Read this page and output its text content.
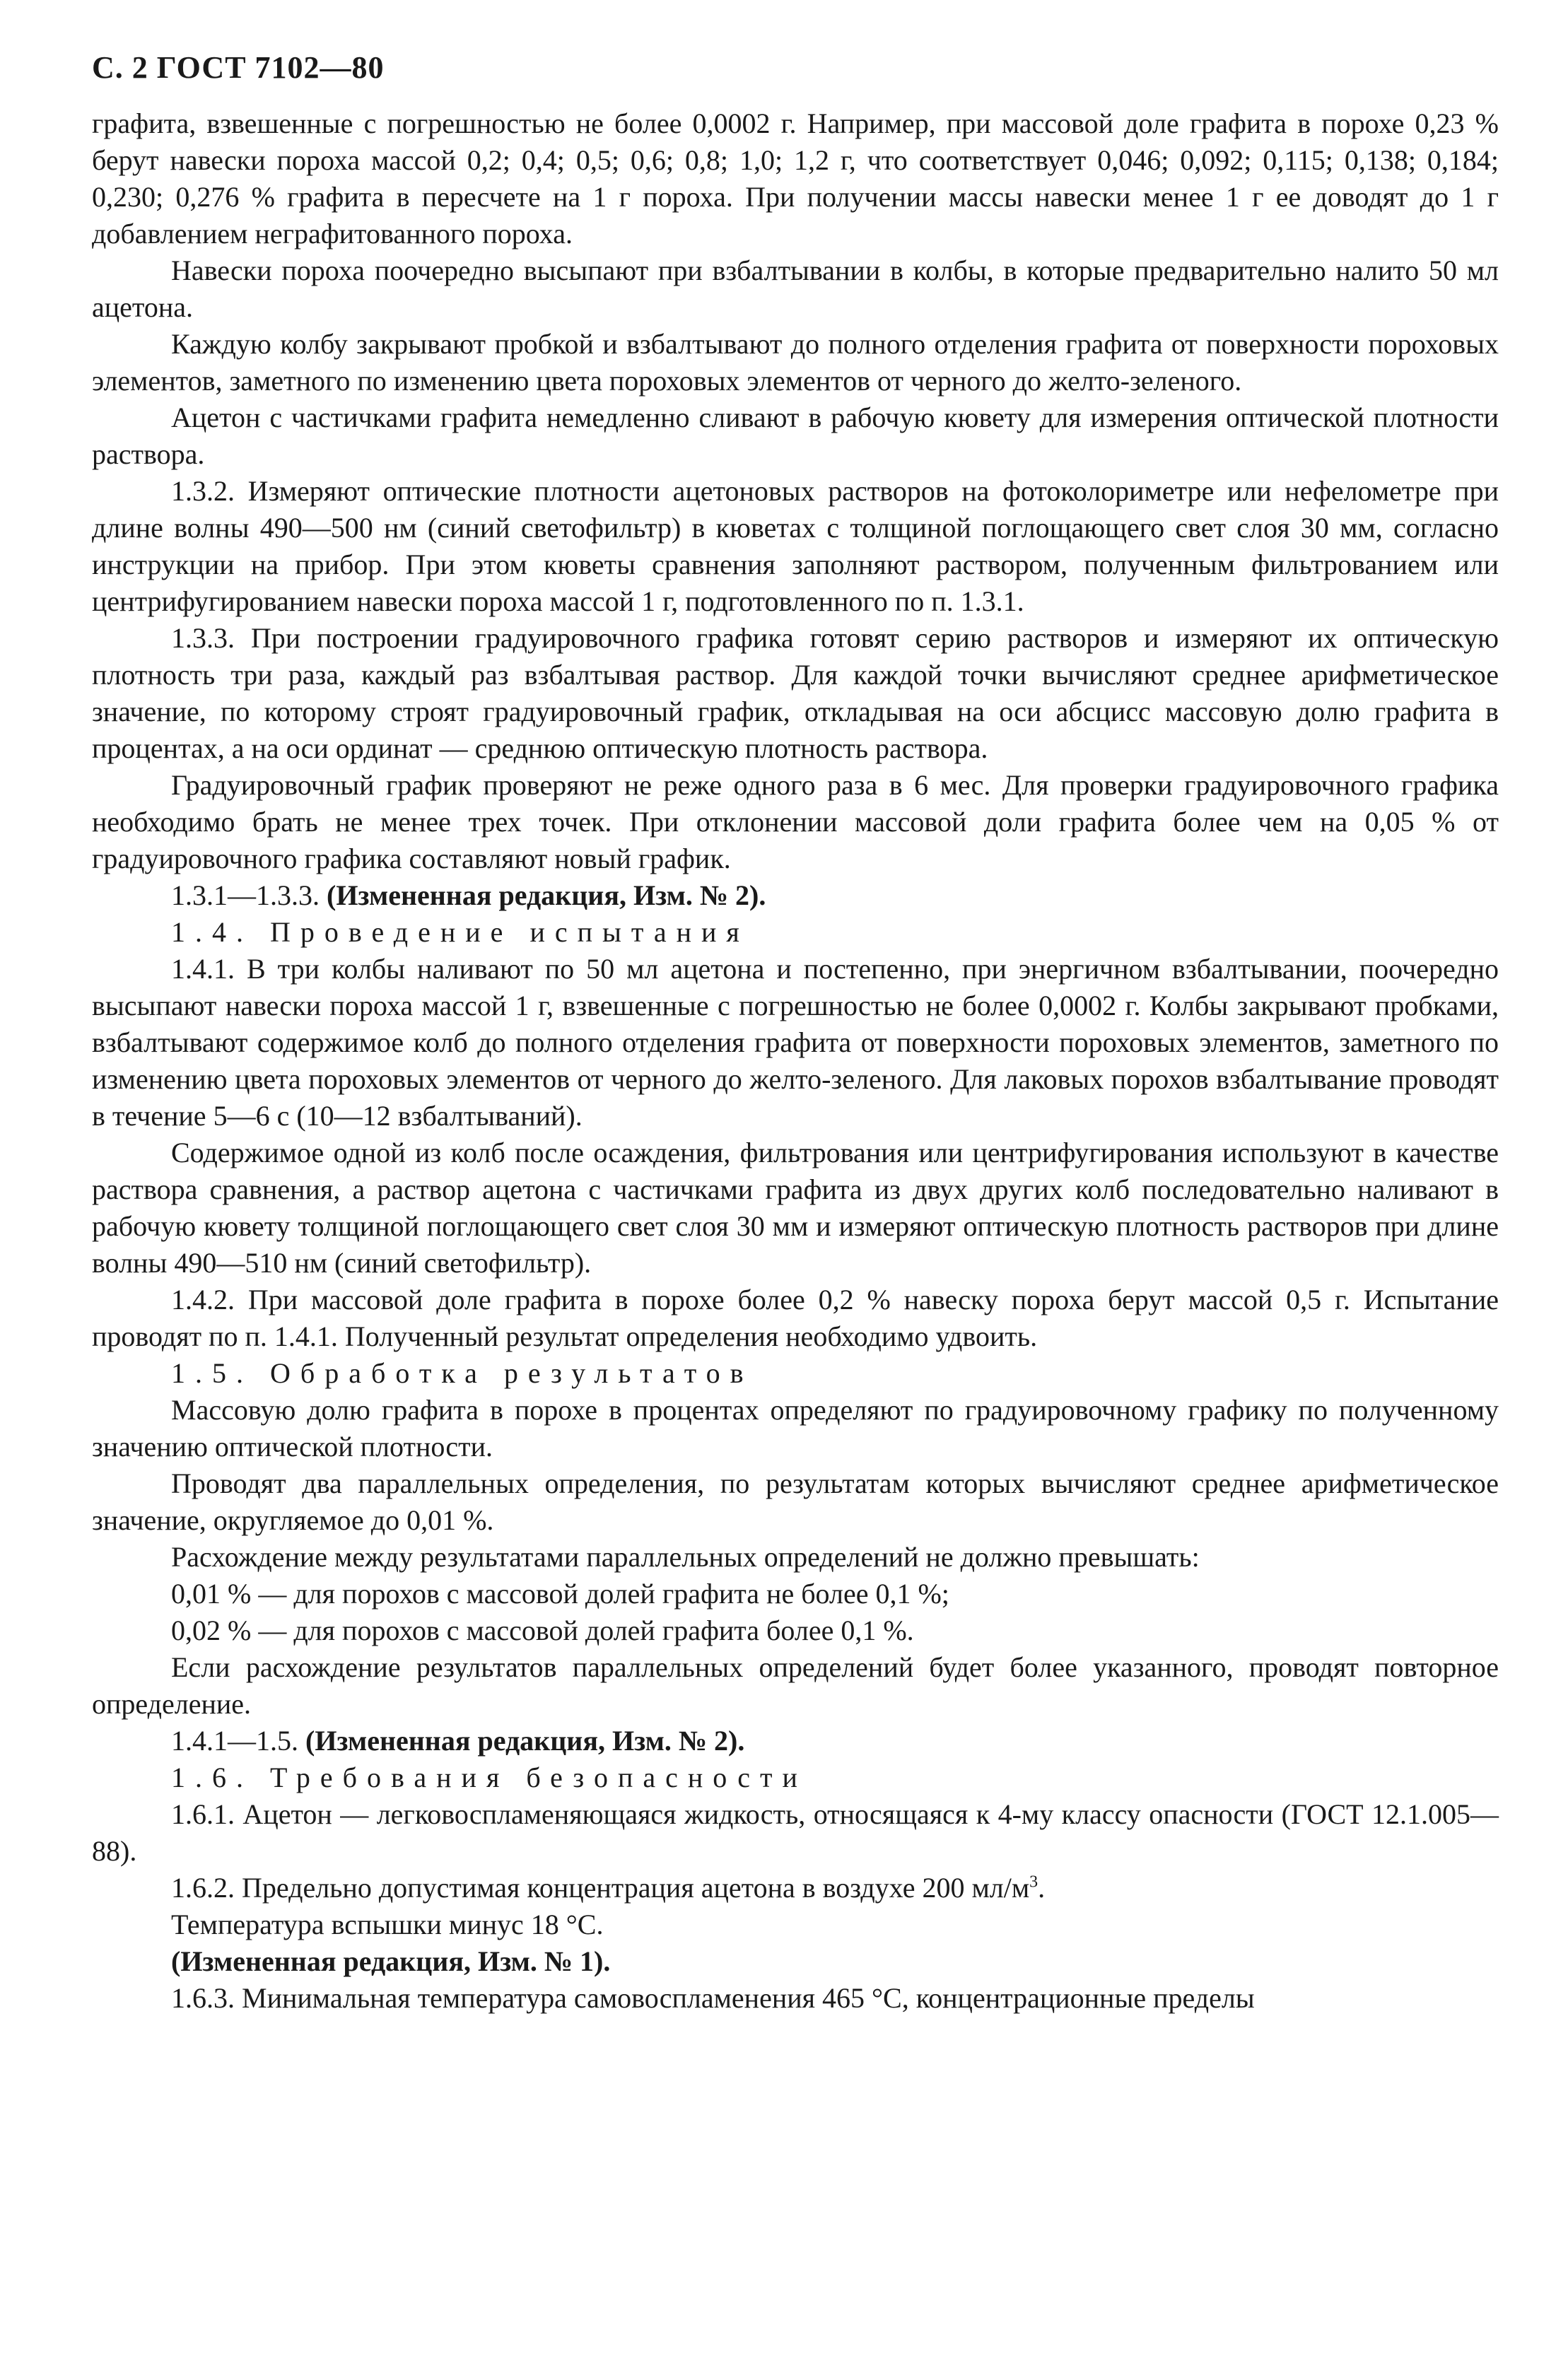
С. 2 ГОСТ 7102—80

графита, взвешенные с погрешностью не более 0,0002 г. Например, при массовой доле графита в порохе 0,23 % берут навески пороха массой 0,2; 0,4; 0,5; 0,6; 0,8; 1,0; 1,2 г, что соответствует 0,046; 0,092; 0,115; 0,138; 0,184; 0,230; 0,276 % графита в пересчете на 1 г пороха. При получении массы навески менее 1 г ее доводят до 1 г добавлением неграфитованного пороха.

Навески пороха поочередно высыпают при взбалтывании в колбы, в которые предварительно налито 50 мл ацетона.

Каждую колбу закрывают пробкой и взбалтывают до полного отделения графита от поверхности пороховых элементов, заметного по изменению цвета пороховых элементов от черного до желто-зеленого.

Ацетон с частичками графита немедленно сливают в рабочую кювету для измерения оптической плотности раствора.

1.3.2. Измеряют оптические плотности ацетоновых растворов на фотоколориметре или нефелометре при длине волны 490—500 нм (синий светофильтр) в кюветах с толщиной поглощающего свет слоя 30 мм, согласно инструкции на прибор. При этом кюветы сравнения заполняют раствором, полученным фильтрованием или центрифугированием навески пороха массой 1 г, подготовленного по п. 1.3.1.

1.3.3. При построении градуировочного графика готовят серию растворов и измеряют их оптическую плотность три раза, каждый раз взбалтывая раствор. Для каждой точки вычисляют среднее арифметическое значение, по которому строят градуировочный график, откладывая на оси абсцисс массовую долю графита в процентах, а на оси ординат — среднюю оптическую плотность раствора.

Градуировочный график проверяют не реже одного раза в 6 мес. Для проверки градуировочного графика необходимо брать не менее трех точек. При отклонении массовой доли графита более чем на 0,05 % от градуировочного графика составляют новый график.

1.3.1—1.3.3. (Измененная редакция, Изм. № 2).

1.4. Проведение испытания

1.4.1. В три колбы наливают по 50 мл ацетона и постепенно, при энергичном взбалтывании, поочередно высыпают навески пороха массой 1 г, взвешенные с погрешностью не более 0,0002 г. Колбы закрывают пробками, взбалтывают содержимое колб до полного отделения графита от поверхности пороховых элементов, заметного по изменению цвета пороховых элементов от черного до желто-зеленого. Для лаковых порохов взбалтывание проводят в течение 5—6 с (10—12 взбалтываний).

Содержимое одной из колб после осаждения, фильтрования или центрифугирования используют в качестве раствора сравнения, а раствор ацетона с частичками графита из двух других колб последовательно наливают в рабочую кювету толщиной поглощающего свет слоя 30 мм и измеряют оптическую плотность растворов при длине волны 490—510 нм (синий светофильтр).

1.4.2. При массовой доле графита в порохе более 0,2 % навеску пороха берут массой 0,5 г. Испытание проводят по п. 1.4.1. Полученный результат определения необходимо удвоить.

1.5. Обработка результатов

Массовую долю графита в порохе в процентах определяют по градуировочному графику по полученному значению оптической плотности.

Проводят два параллельных определения, по результатам которых вычисляют среднее арифметическое значение, округляемое до 0,01 %.

Расхождение между результатами параллельных определений не должно превышать:

0,01 % — для порохов с массовой долей графита не более 0,1 %;

0,02 % — для порохов с массовой долей графита более 0,1 %.

Если расхождение результатов параллельных определений будет более указанного, проводят повторное определение.

1.4.1—1.5. (Измененная редакция, Изм. № 2).

1.6. Требования безопасности

1.6.1. Ацетон — легковоспламеняющаяся жидкость, относящаяся к 4-му классу опасности (ГОСТ 12.1.005—88).

1.6.2. Предельно допустимая концентрация ацетона в воздухе 200 $мл/м^3$.

Температура вспышки минус 18 °С.

(Измененная редакция, Изм. № 1).

1.6.3. Минимальная температура самовоспламенения 465 °С, концентрационные пределы
